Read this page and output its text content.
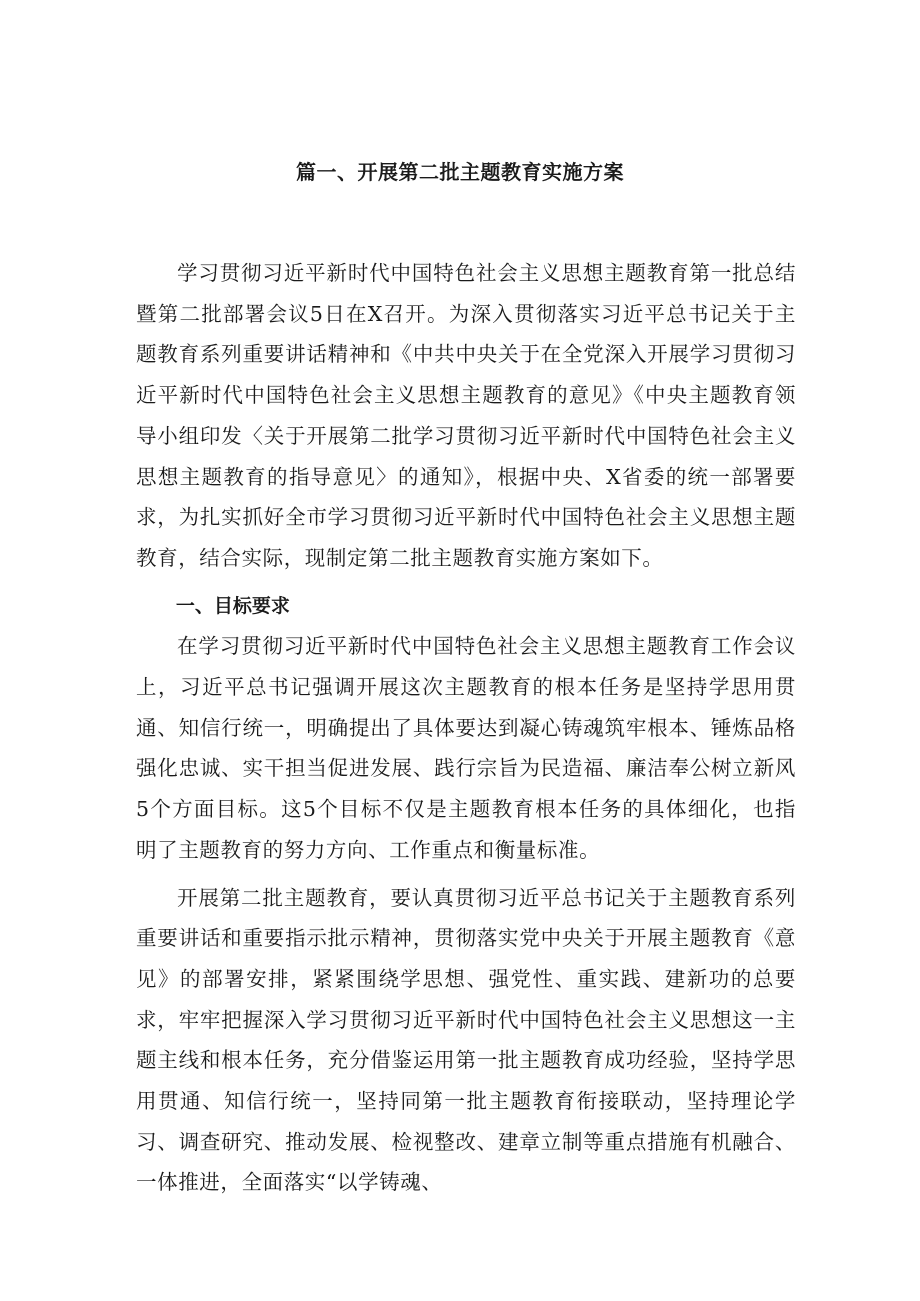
篇一、开展第二批主题教育实施方案

学习贯彻习近平新时代中国特色社会主义思想主题教育第一批总结暨第二批部署会议5日在X召开。为深入贯彻落实习近平总书记关于主题教育系列重要讲话精神和《中共中央关于在全党深入开展学习贯彻习近平新时代中国特色社会主义思想主题教育的意见》《中央主题教育领导小组印发〈关于开展第二批学习贯彻习近平新时代中国特色社会主义思想主题教育的指导意见〉的通知》，根据中央、X省委的统一部署要求，为扎实抓好全市学习贯彻习近平新时代中国特色社会主义思想主题教育，结合实际，现制定第二批主题教育实施方案如下。

一、目标要求

在学习贯彻习近平新时代中国特色社会主义思想主题教育工作会议上，习近平总书记强调开展这次主题教育的根本任务是坚持学思用贯通、知信行统一，明确提出了具体要达到凝心铸魂筑牢根本、锤炼品格强化忠诚、实干担当促进发展、践行宗旨为民造福、廉洁奉公树立新风5个方面目标。这5个目标不仅是主题教育根本任务的具体细化，也指明了主题教育的努力方向、工作重点和衡量标准。

开展第二批主题教育，要认真贯彻习近平总书记关于主题教育系列重要讲话和重要指示批示精神，贯彻落实党中央关于开展主题教育《意见》的部署安排，紧紧围绕学思想、强党性、重实践、建新功的总要求，牢牢把握深入学习贯彻习近平新时代中国特色社会主义思想这一主题主线和根本任务，充分借鉴运用第一批主题教育成功经验，坚持学思用贯通、知信行统一，坚持同第一批主题教育衔接联动，坚持理论学习、调查研究、推动发展、检视整改、建章立制等重点措施有机融合、一体推进，全面落实“以学铸魂、
